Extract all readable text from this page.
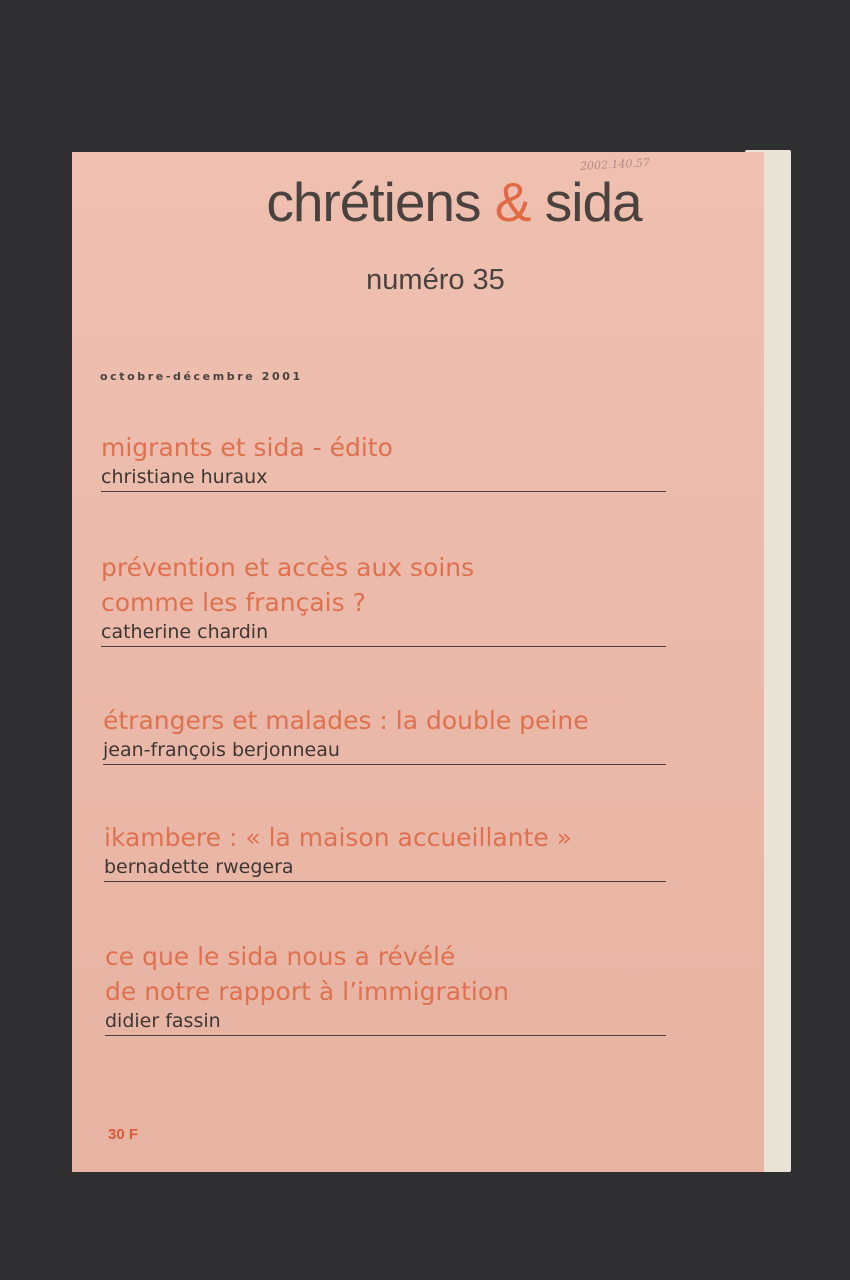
2002.140.57
chrétiens & sida
numéro 35
octobre-décembre 2001
migrants et sida - édito
christiane huraux
prévention et accès aux soins
comme les français ?
catherine chardin
étrangers et malades : la double peine
jean-françois berjonneau
ikambere : « la maison accueillante »
bernadette rwegera
ce que le sida nous a révélé
de notre rapport à l’immigration
didier fassin
30 F
